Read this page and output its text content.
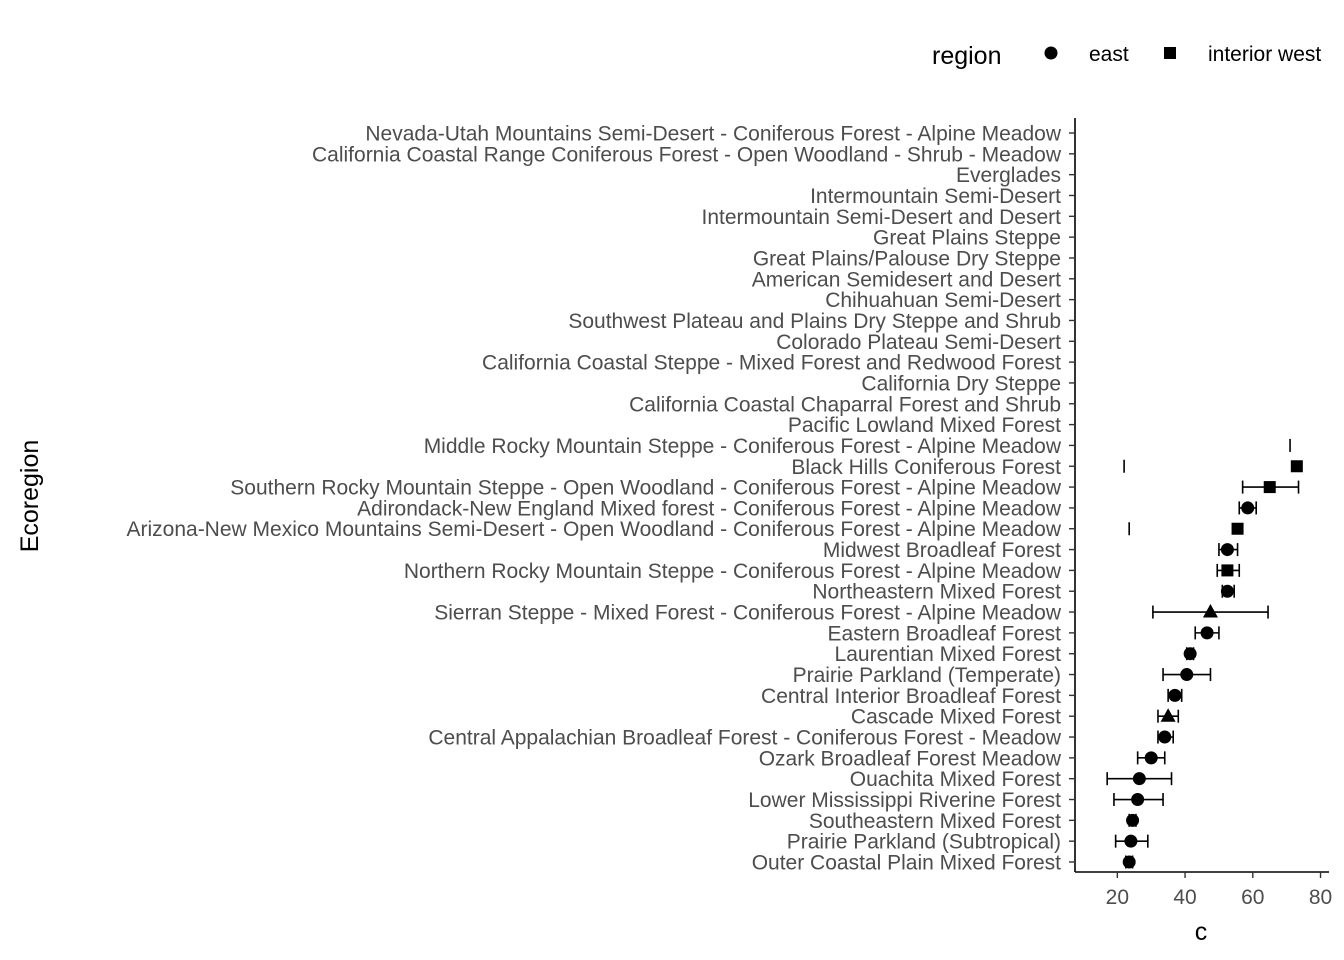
region	east	interior west
Nevada-Utah Mountains Semi-Desert - Coniferous Forest - Alpine Meadow
California Coastal Range Coniferous Forest - Open Woodland - Shrub - Meadow
Everglades
Intermountain Semi-Desert
Intermountain Semi-Desert and Desert
Great Plains Steppe
Great Plains/Palouse Dry Steppe
American Semidesert and Desert
Chihuahuan Semi-Desert
Southwest Plateau and Plains Dry Steppe and Shrub
Colorado Plateau Semi-Desert
California Coastal Steppe - Mixed Forest and Redwood Forest
California Dry Steppe
California Coastal Chaparral Forest and Shrub
Pacific Lowland Mixed Forest
Middle Rocky Mountain Steppe - Coniferous Forest - Alpine Meadow
Black Hills Coniferous Forest
Southern Rocky Mountain Steppe - Open Woodland - Coniferous Forest - Alpine Meadow
Adirondack-New England Mixed forest - Coniferous Forest - Alpine Meadow
Arizona-New Mexico Mountains Semi-Desert - Open Woodland - Coniferous Forest - Alpine Meadow
Midwest Broadleaf Forest
Northern Rocky Mountain Steppe - Coniferous Forest - Alpine Meadow
Northeastern Mixed Forest
Sierran Steppe - Mixed Forest - Coniferous Forest - Alpine Meadow
Eastern Broadleaf Forest
Laurentian Mixed Forest
Prairie Parkland (Temperate)
Central Interior Broadleaf Forest
Cascade Mixed Forest
Central Appalachian Broadleaf Forest - Coniferous Forest - Meadow
Ozark Broadleaf Forest Meadow
Ouachita Mixed Forest
Lower Mississippi Riverine Forest
Southeastern Mixed Forest
Prairie Parkland (Subtropical)
Outer Coastal Plain Mixed Forest
20 40 60 80
c
Ecoregion
